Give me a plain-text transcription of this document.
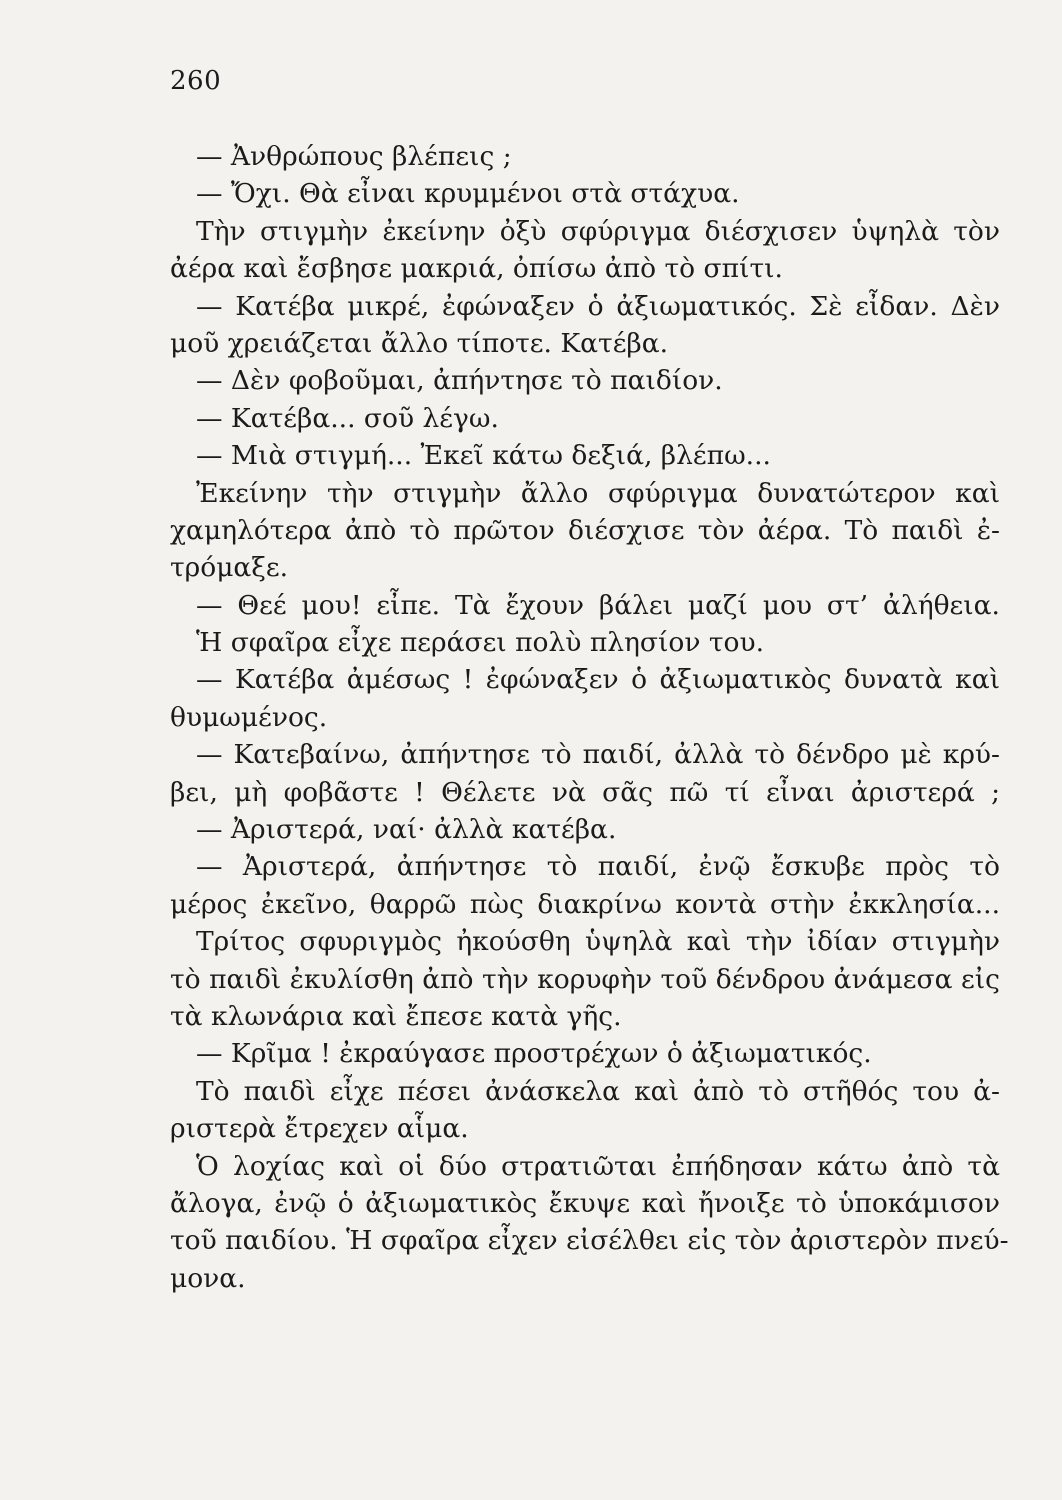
260
— Ἀνθρώπους βλέπεις ;
— Ὄχι. Θὰ εἶναι κρυμμένοι στὰ στάχυα.
Τὴν στιγμὴν ἐκείνην ὀξὺ σφύριγμα διέσχισεν ὑψηλὰ τὸν
ἀέρα καὶ ἔσβησε μακριά, ὀπίσω ἀπὸ τὸ σπίτι.
— Κατέβα μικρέ, ἐφώναξεν ὁ ἀξιωματικός. Σὲ εἶδαν. Δὲν
μοῦ χρειάζεται ἄλλο τίποτε. Κατέβα.
— Δὲν φοβοῦμαι, ἀπήντησε τὸ παιδίον.
— Κατέβα... σοῦ λέγω.
— Μιὰ στιγμή... Ἐκεῖ κάτω δεξιά, βλέπω...
Ἐκείνην τὴν στιγμὴν ἄλλο σφύριγμα δυνατώτερον καὶ
χαμηλότερα ἀπὸ τὸ πρῶτον διέσχισε τὸν ἀέρα. Τὸ παιδὶ ἐ-
τρόμαξε.
— Θεέ μου! εἶπε. Τὰ ἔχουν βάλει μαζί μου στ’ ἀλήθεια.
Ἡ σφαῖρα εἶχε περάσει πολὺ πλησίον του.
— Κατέβα ἀμέσως ! ἐφώναξεν ὁ ἀξιωματικὸς δυνατὰ καὶ
θυμωμένος.
— Κατεβαίνω, ἀπήντησε τὸ παιδί, ἀλλὰ τὸ δένδρο μὲ κρύ-
βει, μὴ φοβᾶστε ! Θέλετε νὰ σᾶς πῶ τί εἶναι ἀριστερά ;
— Ἀριστερά, ναί· ἀλλὰ κατέβα.
— Ἀριστερά, ἀπήντησε τὸ παιδί, ἐνῷ ἔσκυβε πρὸς τὸ
μέρος ἐκεῖνο, θαρρῶ πὼς διακρίνω κοντὰ στὴν ἐκκλησία...
Τρίτος σφυριγμὸς ἠκούσθη ὑψηλὰ καὶ τὴν ἰδίαν στιγμὴν
τὸ παιδὶ ἐκυλίσθη ἀπὸ τὴν κορυφὴν τοῦ δένδρου ἀνάμεσα εἰς
τὰ κλωνάρια καὶ ἔπεσε κατὰ γῆς.
— Κρῖμα ! ἐκραύγασε προστρέχων ὁ ἀξιωματικός.
Τὸ παιδὶ εἶχε πέσει ἀνάσκελα καὶ ἀπὸ τὸ στῆθός του ἀ-
ριστερὰ ἔτρεχεν αἷμα.
Ὁ λοχίας καὶ οἱ δύο στρατιῶται ἐπήδησαν κάτω ἀπὸ τὰ
ἄλογα, ἐνῷ ὁ ἀξιωματικὸς ἔκυψε καὶ ἤνοιξε τὸ ὑποκάμισον
τοῦ παιδίου. Ἡ σφαῖρα εἶχεν εἰσέλθει εἰς τὸν ἀριστερὸν πνεύ-
μονα.
